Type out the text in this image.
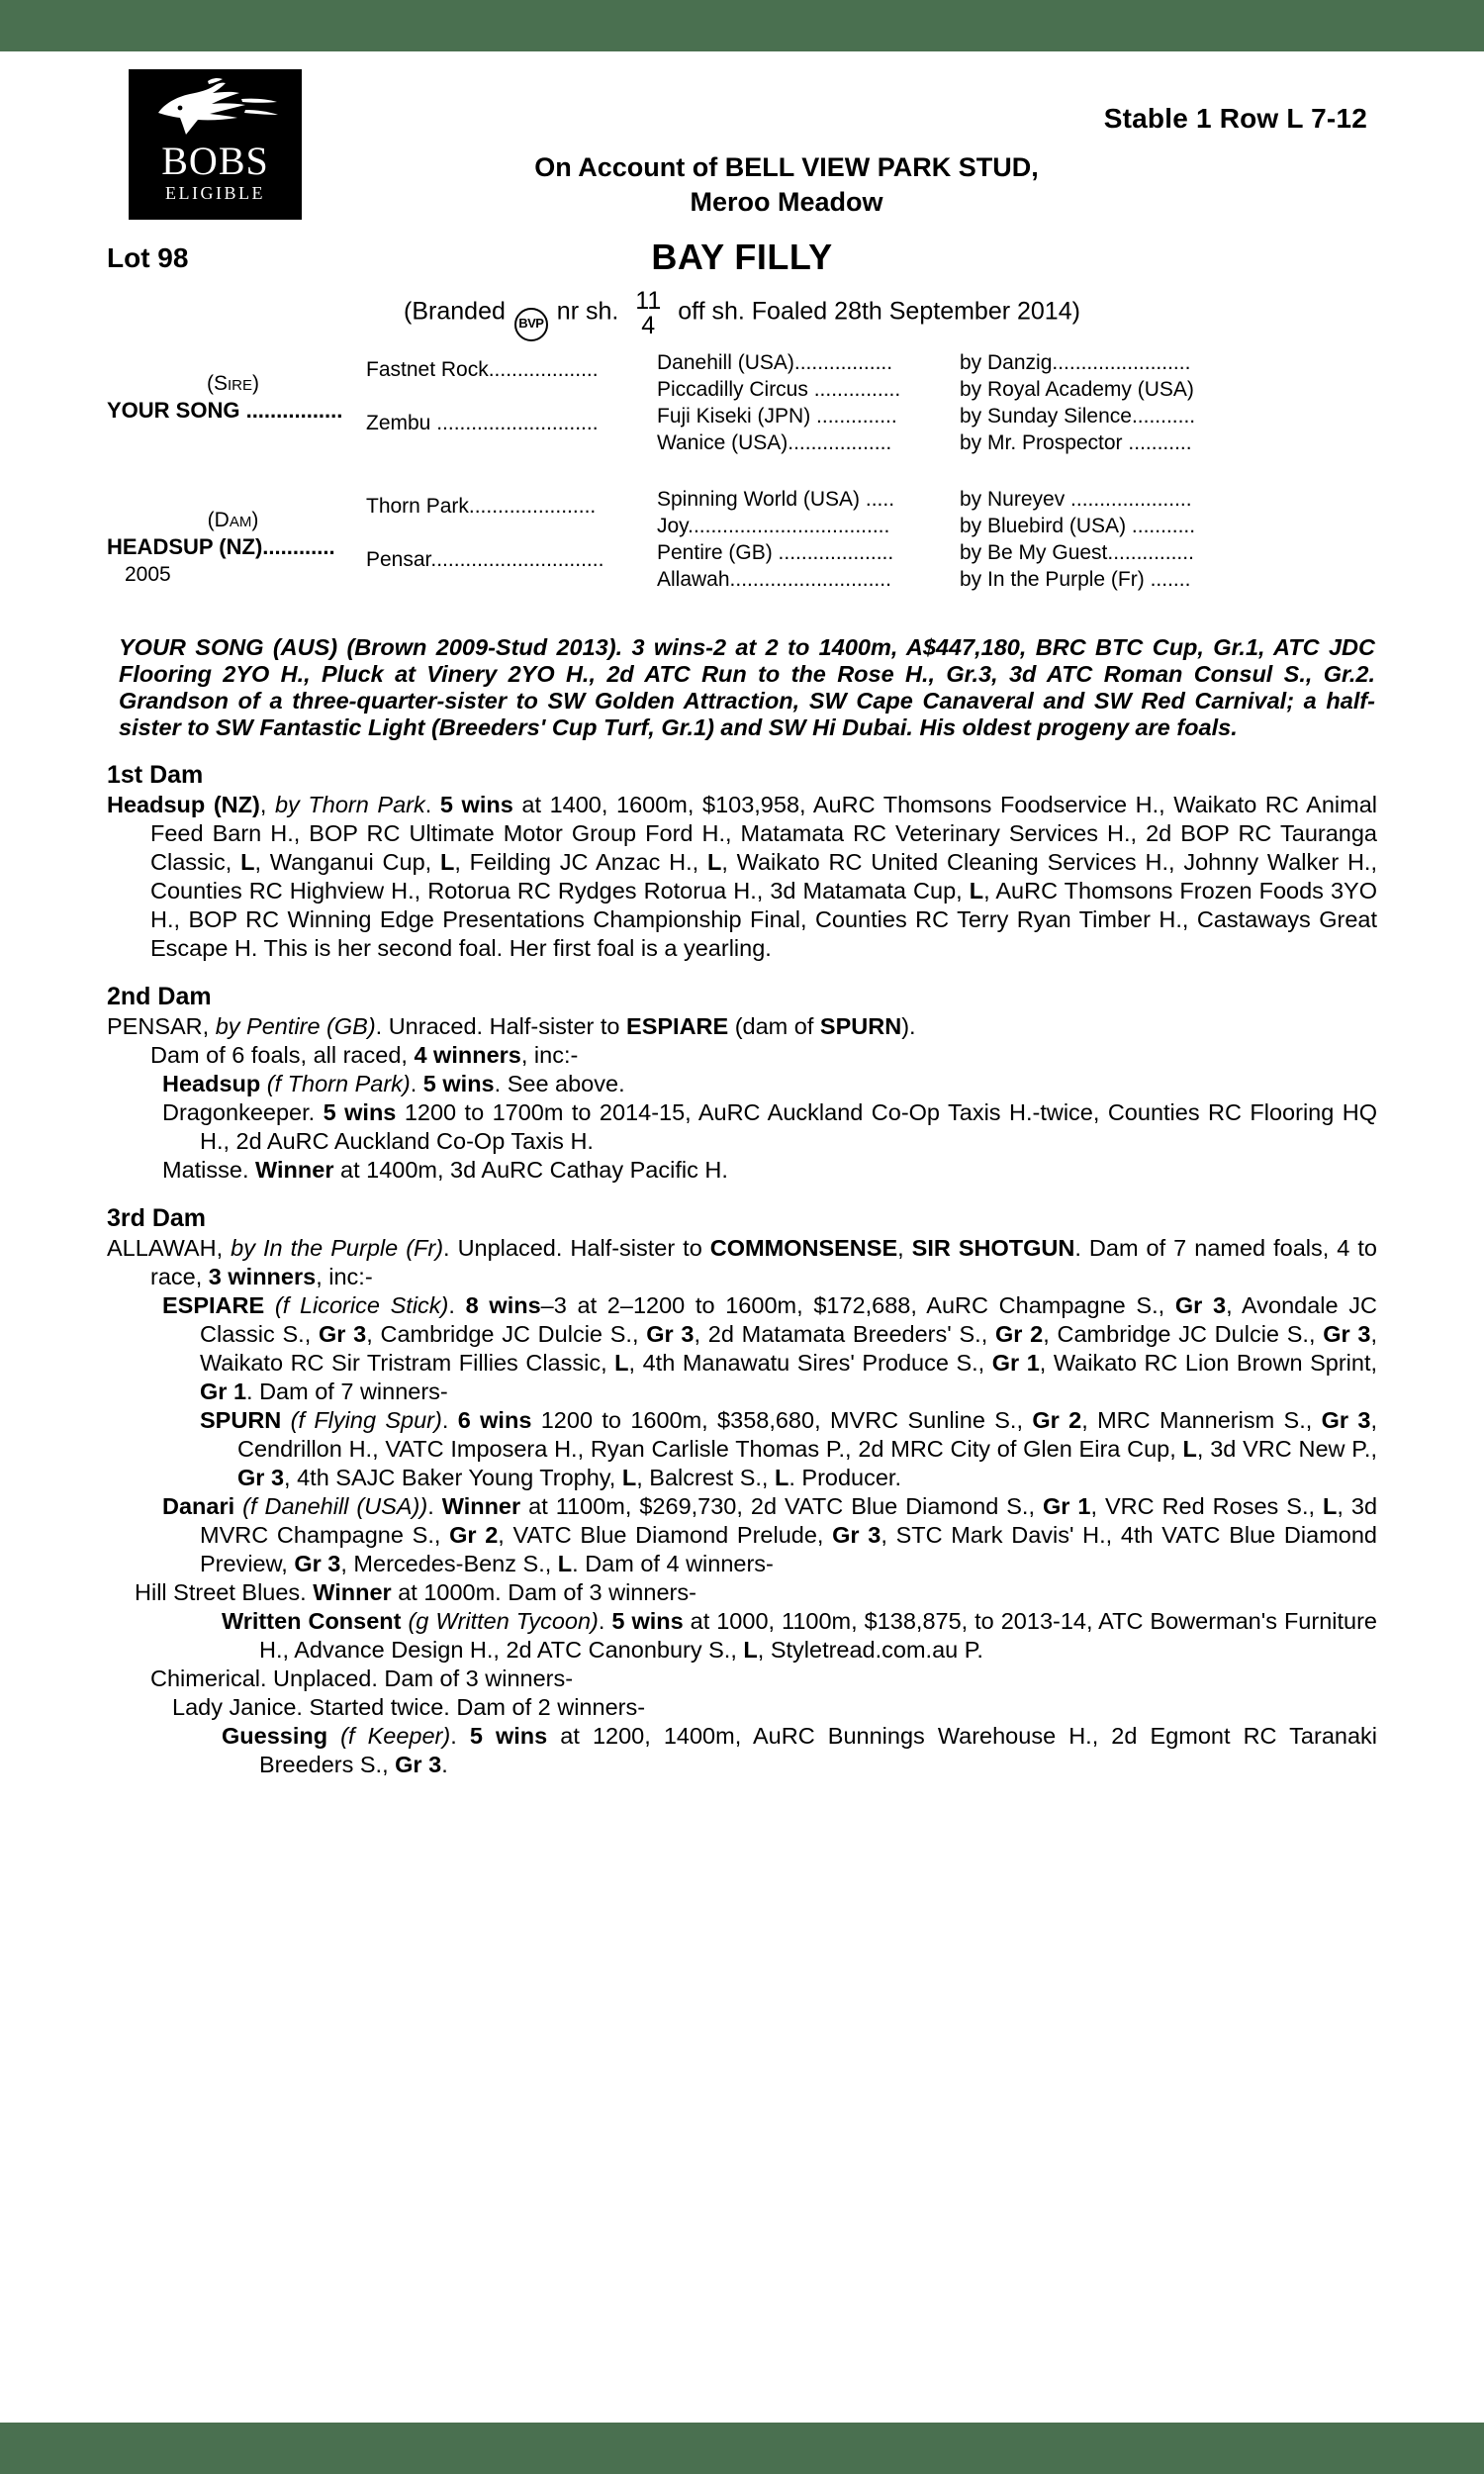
BOBS
ELIGIBLE
Stable 1 Row L 7-12
On Account of BELL VIEW PARK STUD,
Meroo Meadow
Lot 98	BAY FILLY
(Branded BVP nr sh. 11
4
off sh. Foaled 28th September 2014)
(Sire)
YOUR SONG ................
(Dam)
HEADSUP (NZ)............
2005
Fastnet Rock...................
Zembu ............................
Thorn Park......................
Pensar..............................
Danehill (USA).................
Piccadilly Circus ...............
Fuji Kiseki (JPN) ..............
Wanice (USA)..................
Spinning World (USA) .....
Joy...................................
Pentire (GB) ....................
Allawah............................
by Danzig........................
by Royal Academy (USA)
by Sunday Silence...........
by Mr. Prospector ...........
by Nureyev .....................
by Bluebird (USA) ...........
by Be My Guest...............
by In the Purple (Fr) .......
YOUR SONG (AUS) (Brown 2009-Stud 2013). 3 wins-2 at 2 to 1400m, A$447,180, BRC BTC Cup, Gr.1, ATC JDC Flooring 2YO H., Pluck at Vinery 2YO H., 2d ATC Run to the Rose H., Gr.3, 3d ATC Roman Consul S., Gr.2. Grandson of a three-quarter-sister to SW Golden Attraction, SW Cape Canaveral and SW Red Carnival; a half-sister to SW Fantastic Light (Breeders' Cup Turf, Gr.1) and SW Hi Dubai. His oldest progeny are foals.
1st Dam
Headsup (NZ), by Thorn Park. 5 wins at 1400, 1600m, $103,958, AuRC Thomsons Foodservice H., Waikato RC Animal Feed Barn H., BOP RC Ultimate Motor Group Ford H., Matamata RC Veterinary Services H., 2d BOP RC Tauranga Classic, L, Wanganui Cup, L, Feilding JC Anzac H., L, Waikato RC United Cleaning Services H., Johnny Walker H., Counties RC Highview H., Rotorua RC Rydges Rotorua H., 3d Matamata Cup, L, AuRC Thomsons Frozen Foods 3YO H., BOP RC Winning Edge Presentations Championship Final, Counties RC Terry Ryan Timber H., Castaways Great Escape H. This is her second foal. Her first foal is a yearling.
2nd Dam
PENSAR, by Pentire (GB). Unraced. Half-sister to ESPIARE (dam of SPURN).
Dam of 6 foals, all raced, 4 winners, inc:-
Headsup (f Thorn Park). 5 wins. See above.
Dragonkeeper. 5 wins 1200 to 1700m to 2014-15, AuRC Auckland Co-Op Taxis H.-twice, Counties RC Flooring HQ H., 2d AuRC Auckland Co-Op Taxis H.
Matisse. Winner at 1400m, 3d AuRC Cathay Pacific H.
3rd Dam
ALLAWAH, by In the Purple (Fr). Unplaced. Half-sister to COMMONSENSE, SIR SHOTGUN. Dam of 7 named foals, 4 to race, 3 winners, inc:-
ESPIARE (f Licorice Stick). 8 wins–3 at 2–1200 to 1600m, $172,688, AuRC Champagne S., Gr 3, Avondale JC Classic S., Gr 3, Cambridge JC Dulcie S., Gr 3, 2d Matamata Breeders' S., Gr 2, Cambridge JC Dulcie S., Gr 3, Waikato RC Sir Tristram Fillies Classic, L, 4th Manawatu Sires' Produce S., Gr 1, Waikato RC Lion Brown Sprint, Gr 1. Dam of 7 winners-
SPURN (f Flying Spur). 6 wins 1200 to 1600m, $358,680, MVRC Sunline S., Gr 2, MRC Mannerism S., Gr 3, Cendrillon H., VATC Imposera H., Ryan Carlisle Thomas P., 2d MRC City of Glen Eira Cup, L, 3d VRC New P., Gr 3, 4th SAJC Baker Young Trophy, L, Balcrest S., L. Producer.
Danari (f Danehill (USA)). Winner at 1100m, $269,730, 2d VATC Blue Diamond S., Gr 1, VRC Red Roses S., L, 3d MVRC Champagne S., Gr 2, VATC Blue Diamond Prelude, Gr 3, STC Mark Davis' H., 4th VATC Blue Diamond Preview, Gr 3, Mercedes-Benz S., L. Dam of 4 winners-
Hill Street Blues. Winner at 1000m. Dam of 3 winners-
Written Consent (g Written Tycoon). 5 wins at 1000, 1100m, $138,875, to 2013-14, ATC Bowerman's Furniture H., Advance Design H., 2d ATC Canonbury S., L, Styletread.com.au P.
Chimerical. Unplaced. Dam of 3 winners-
Lady Janice. Started twice. Dam of 2 winners-
Guessing (f Keeper). 5 wins at 1200, 1400m, AuRC Bunnings Warehouse H., 2d Egmont RC Taranaki Breeders S., Gr 3.
